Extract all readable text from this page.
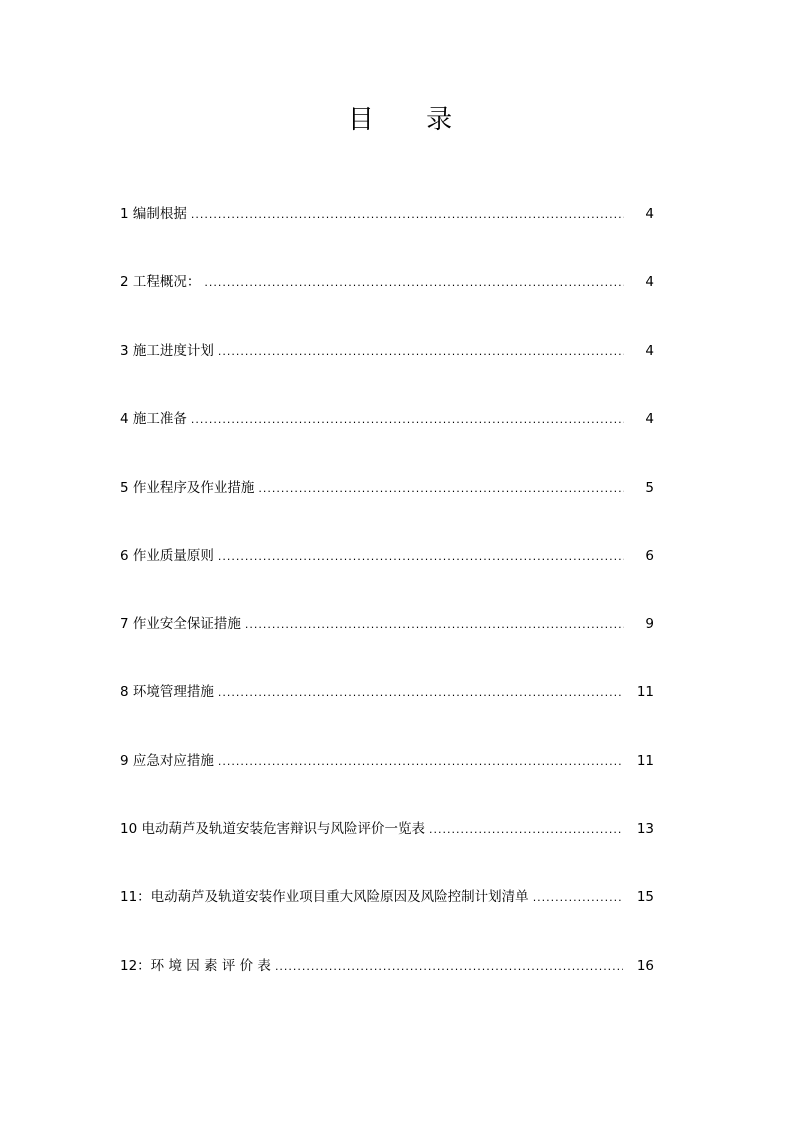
目 录
1 编制根据 .....	4
2 工程概况： .....	4
3 施工进度计划 .....	4
4 施工准备 .....	4
5 作业程序及作业措施 .....	5
6 作业质量原则 .....	6
7 作业安全保证措施 .....	9
8 环境管理措施 .....	11
9 应急对应措施 .....	11
10 电动葫芦及轨道安装危害辩识与风险评价一览表 .....	13
11：电动葫芦及轨道安装作业项目重大风险原因及风险控制计划清单 .....	15
12：环 境 因 素 评 价 表 .....	16
